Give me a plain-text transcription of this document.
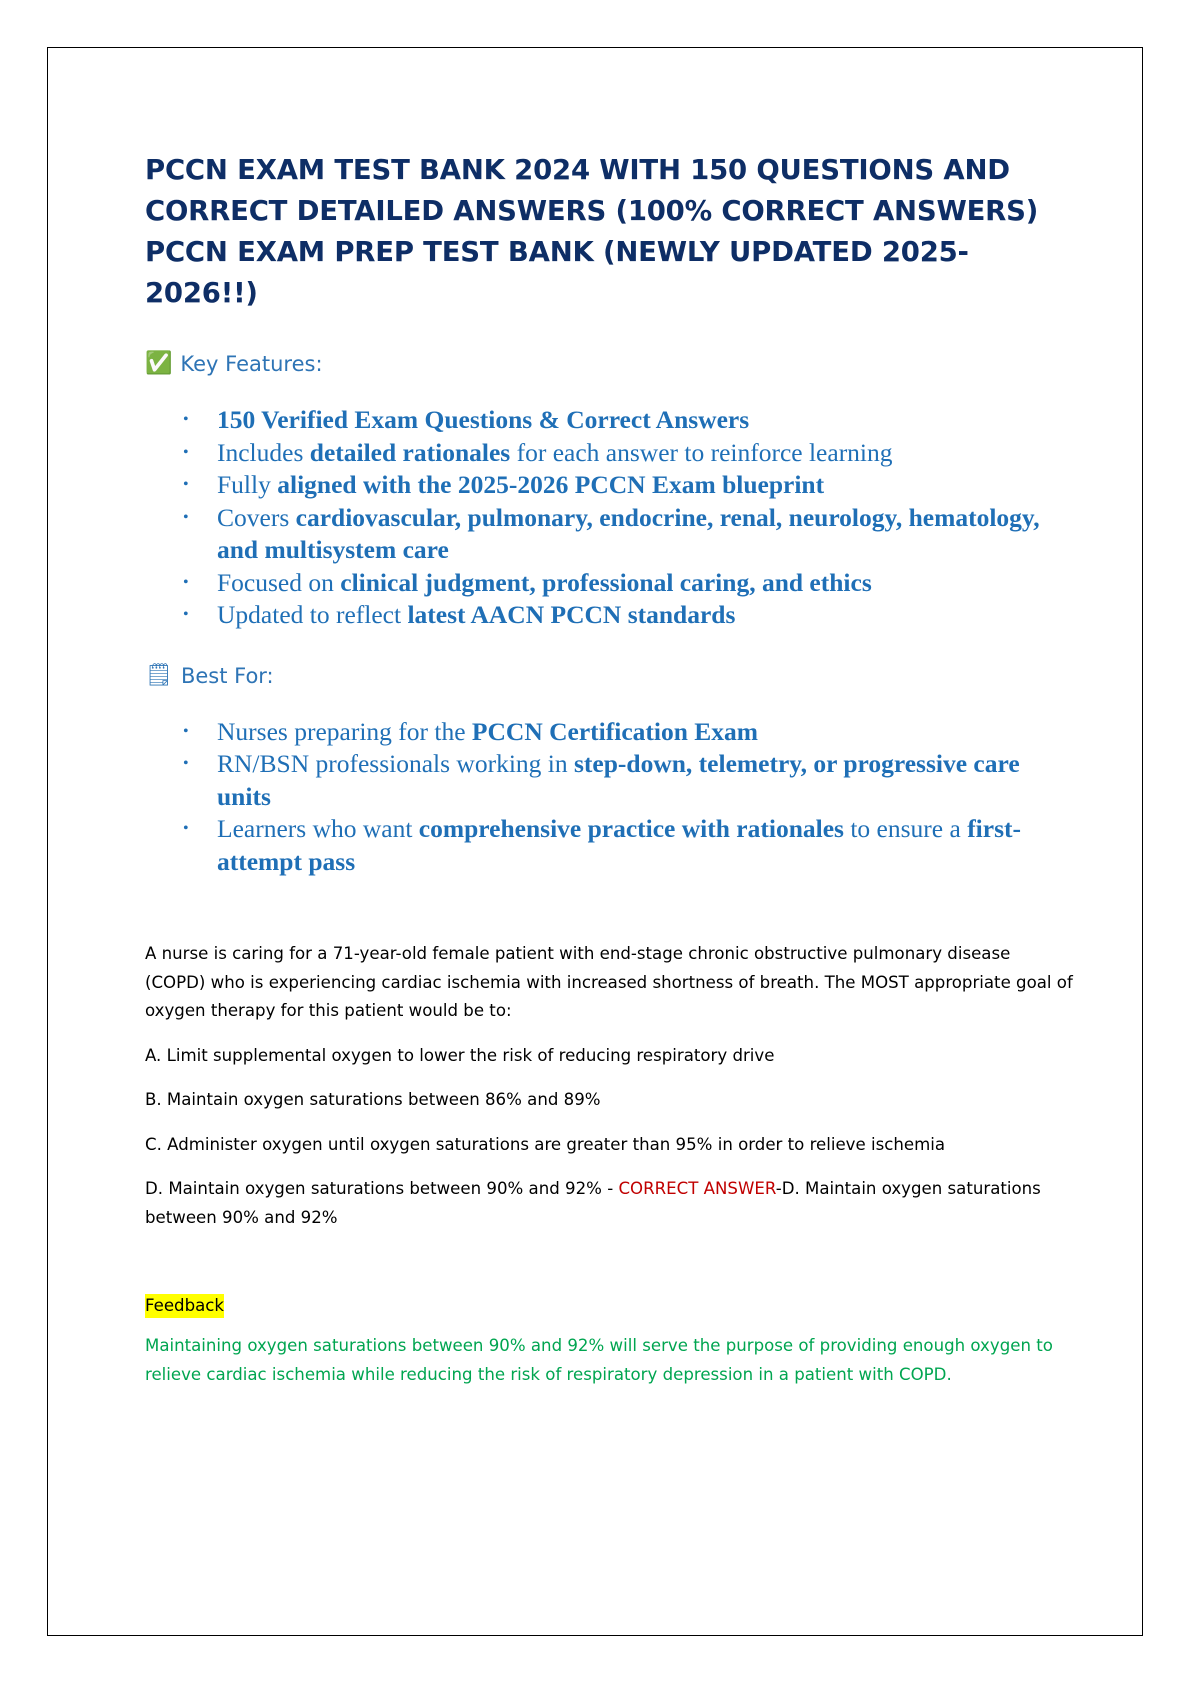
PCCN EXAM TEST BANK 2024 WITH 150 QUESTIONS AND CORRECT DETAILED ANSWERS (100% CORRECT ANSWERS) PCCN EXAM PREP TEST BANK (NEWLY UPDATED 2025-2026!!)
✅ Key Features:
• 150 Verified Exam Questions & Correct Answers
• Includes detailed rationales for each answer to reinforce learning
• Fully aligned with the 2025-2026 PCCN Exam blueprint
• Covers cardiovascular, pulmonary, endocrine, renal, neurology, hematology, and multisystem care
• Focused on clinical judgment, professional caring, and ethics
• Updated to reflect latest AACN PCCN standards
🗒 Best For:
• Nurses preparing for the PCCN Certification Exam
• RN/BSN professionals working in step-down, telemetry, or progressive care units
• Learners who want comprehensive practice with rationales to ensure a first-attempt pass

A nurse is caring for a 71-year-old female patient with end-stage chronic obstructive pulmonary disease (COPD) who is experiencing cardiac ischemia with increased shortness of breath. The MOST appropriate goal of oxygen therapy for this patient would be to:

A. Limit supplemental oxygen to lower the risk of reducing respiratory drive

B. Maintain oxygen saturations between 86% and 89%

C. Administer oxygen until oxygen saturations are greater than 95% in order to relieve ischemia

D. Maintain oxygen saturations between 90% and 92% - CORRECT ANSWER-D. Maintain oxygen saturations between 90% and 92%

Feedback

Maintaining oxygen saturations between 90% and 92% will serve the purpose of providing enough oxygen to relieve cardiac ischemia while reducing the risk of respiratory depression in a patient with COPD.
